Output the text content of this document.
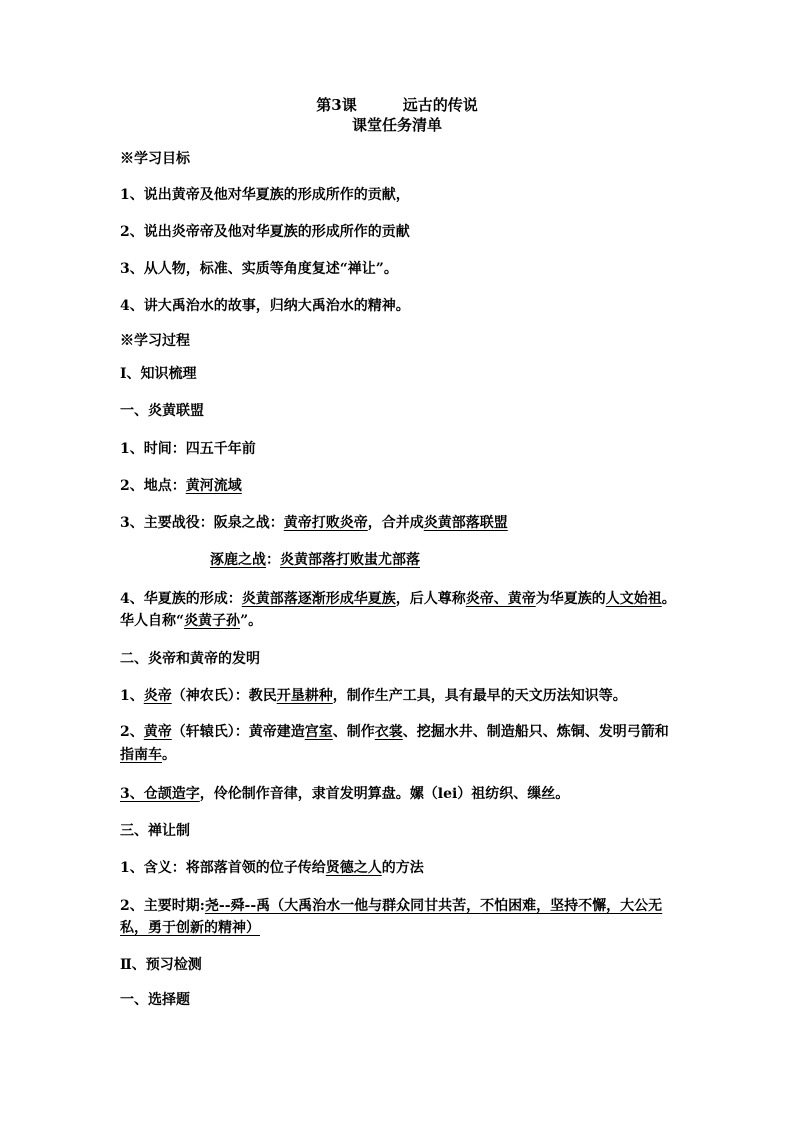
第3课	远古的传说
课堂任务清单
※学习目标
1、说出黄帝及他对华夏族的形成所作的贡献，
2、说出炎帝帝及他对华夏族的形成所作的贡献
3、从人物，标准、实质等角度复述“禅让”。
4、讲大禹治水的故事，归纳大禹治水的精神。
※学习过程
Ⅰ、知识梳理
一、炎黄联盟
1、时间：四五千年前
2、地点：黄河流域
3、主要战役：阪泉之战：黄帝打败炎帝，合并成炎黄部落联盟
涿鹿之战：炎黄部落打败蚩尤部落
4、华夏族的形成：炎黄部落逐渐形成华夏族，后人尊称炎帝、黄帝为华夏族的人文始祖。
华人自称“炎黄子孙”。
二、炎帝和黄帝的发明
1、炎帝（神农氏）：教民开垦耕种，制作生产工具，具有最早的天文历法知识等。
2、黄帝（轩辕氏）：黄帝建造宫室、制作衣裳、挖掘水井、制造船只、炼铜、发明弓箭和
指南车。
3、仓颉造字，伶伦制作音律，隶首发明算盘。嫘（lei）祖纺织、缫丝。
三、禅让制
1、含义：将部落首领的位子传给贤德之人的方法
2、主要时期:尧--舜--禹（大禹治水一他与群众同甘共苦，不怕困难，坚持不懈，大公无
私，勇于创新的精神）
Ⅱ、预习检测
一、选择题
